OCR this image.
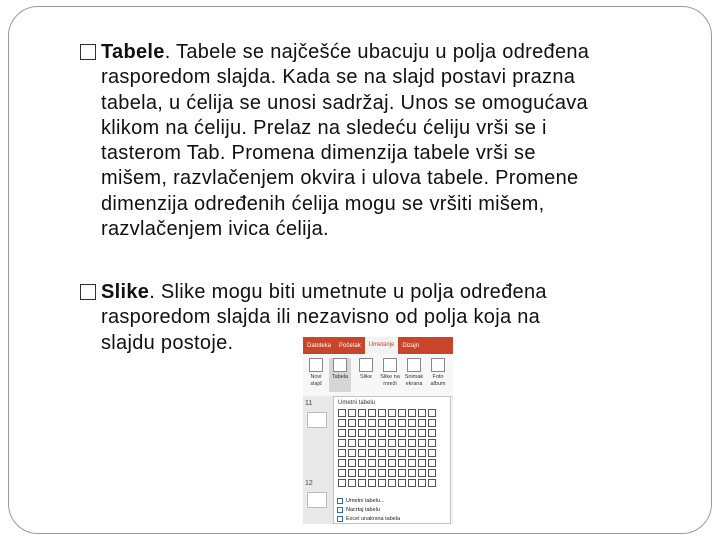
Tabele. Tabele se najčešće ubacuju u polja određena
rasporedom slajda. Kada se na slajd postavi prazna
tabela, u ćelija se unosi sadržaj. Unos se omogućava
klikom na ćeliju. Prelaz na sledeću ćeliju vrši se i
tasterom Tab. Promena dimenzija tabele vrši se
mišem, razvlačenjem okvira i ulova tabele. Promene
dimenzija određenih ćelija mogu se vršiti mišem,
razvlačenjem ivica ćelija.
Slike. Slike mogu biti umetnute u polja određena
rasporedom slajda ili nezavisno od polja koja na
slajdu postoje.	Datoteka	Početak	Umetanje	Dizajn
Novi slajd
Tabela	Slike	Slike na mreži
Snimak ekrana
Foto album
11
12
Umetni tabelu
Umetni tabelu...
Nacrtaj tabelu
Excel unakrsna tabela
